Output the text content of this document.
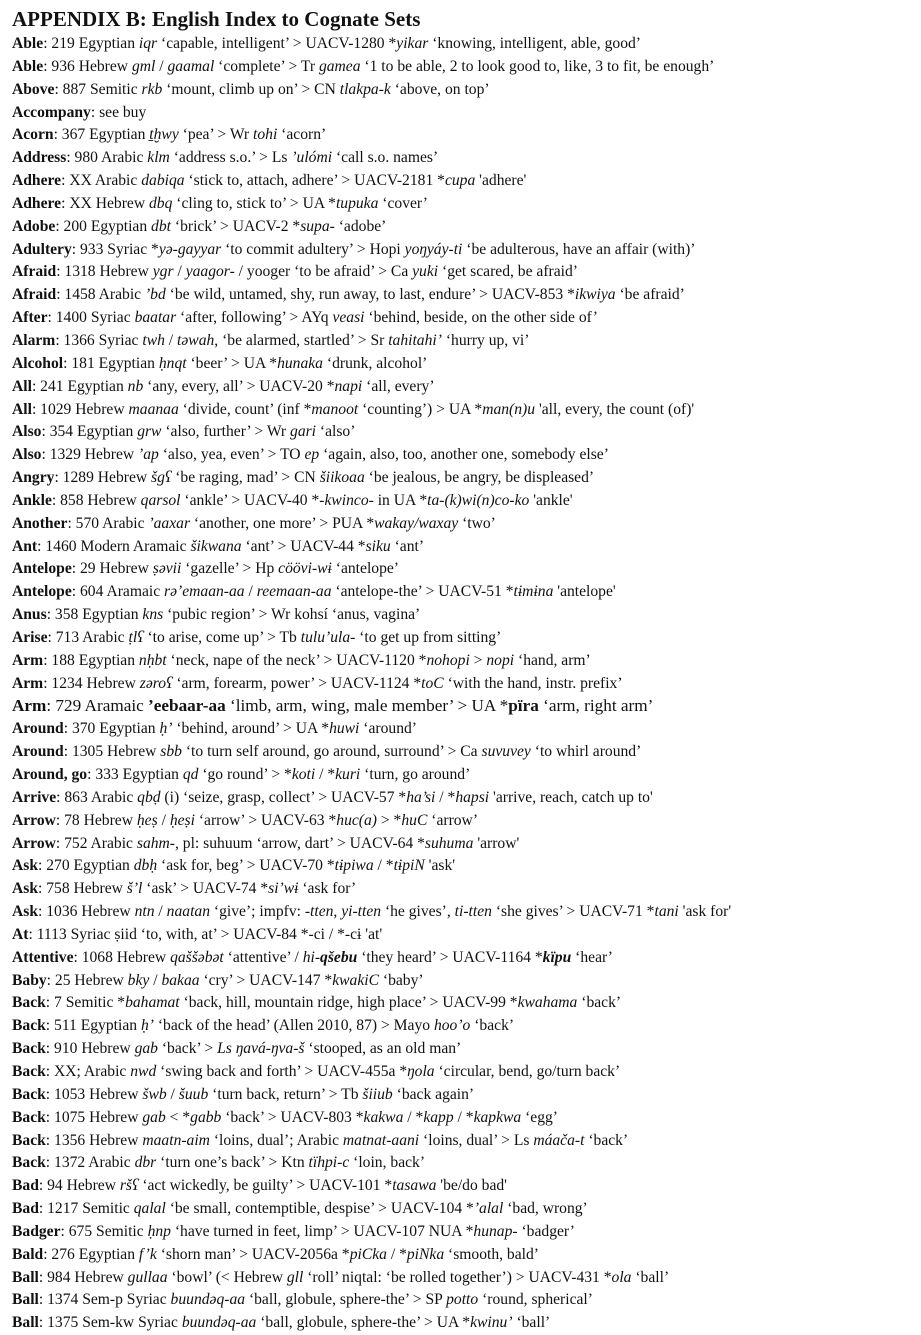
APPENDIX B: English Index to Cognate Sets
Able: 219 Egyptian iqr ‘capable, intelligent’ > UACV-1280 *yikar ‘knowing, intelligent, able, good’
Able: 936 Hebrew gml / gaamal ‘complete’ > Tr gamea ‘1 to be able, 2 to look good to, like, 3 to fit, be enough’
Above: 887 Semitic rkb ‘mount, climb up on’ > CN tlakpa-k ‘above, on top’
Accompany: see buy
Acorn: 367 Egyptian ṯḫwy ‘pea’ > Wr tohi ‘acorn’
Address: 980 Arabic klm ‘address s.o.’ > Ls ’ulómi ‘call s.o. names’
Adhere: XX Arabic dabiqa ‘stick to, attach, adhere’ > UACV-2181 *cupa 'adhere'
Adhere: XX Hebrew dbq ‘cling to, stick to’ > UA *tupuka ‘cover’
Adobe: 200 Egyptian dbt ‘brick’ > UACV-2 *supa- ‘adobe’
Adultery: 933 Syriac *yə-gayyar ‘to commit adultery’ > Hopi yoŋyáy-ti ‘be adulterous, have an affair (with)’
Afraid: 1318 Hebrew ygr / yaagor- / yooger ‘to be afraid’ > Ca yuki ‘get scared, be afraid’
Afraid: 1458 Arabic ’bd ‘be wild, untamed, shy, run away, to last, endure’ > UACV-853 *ikwiya ‘be afraid’
After: 1400 Syriac baatar ‘after, following’ > AYq veasi ‘behind, beside, on the other side of’
Alarm: 1366 Syriac twh / təwah, ‘be alarmed, startled’ > Sr tahitahi’ ‘hurry up, vi’
Alcohol: 181 Egyptian ḥnqt ‘beer’ > UA *hunaka ‘drunk, alcohol’
All: 241 Egyptian nb ‘any, every, all’ > UACV-20 *napi ‘all, every’
All: 1029 Hebrew maanaa ‘divide, count’ (inf *manoot ‘counting’) > UA *man(n)u 'all, every, the count (of)'
Also: 354 Egyptian grw ‘also, further’ > Wr gari ‘also’
Also: 1329 Hebrew ’ap ‘also, yea, even’ > TO ep ‘again, also, too, another one, somebody else’
Angry: 1289 Hebrew šgʕ ‘be raging, mad’ > CN šiikoaa ‘be jealous, be angry, be displeased’
Ankle: 858 Hebrew qarsol ‘ankle’ > UACV-40 *-kwinco- in UA *ta-(k)wi(n)co-ko 'ankle'
Another: 570 Arabic ’aaxar ‘another, one more’ > PUA *wakay/waxay ‘two’
Ant: 1460 Modern Aramaic šikwana ‘ant’ > UACV-44 *siku ‘ant’
Antelope: 29 Hebrew ṣəvii ‘gazelle’ > Hp cöövi-wɨ ‘antelope’
Antelope: 604 Aramaic rə’emaan-aa / reemaan-aa ‘antelope-the’ > UACV-51 *tɨmɨna 'antelope'
Anus: 358 Egyptian kns ‘pubic region’ > Wr kohsí ‘anus, vagina’
Arise: 713 Arabic ṭlʕ ‘to arise, come up’ > Tb tulu’ula- ‘to get up from sitting’
Arm: 188 Egyptian nḥbt ‘neck, nape of the neck’ > UACV-1120 *nohopi > nopi ‘hand, arm’
Arm: 1234 Hebrew zəroʕ ‘arm, forearm, power’ > UACV-1124 *toC ‘with the hand, instr. prefix’
Arm: 729 Aramaic ’eebaar-aa ‘limb, arm, wing, male member’ > UA *pïra ‘arm, right arm’
Around: 370 Egyptian ḥ’ ‘behind, around’ > UA *huwi ‘around’
Around: 1305 Hebrew sbb ‘to turn self around, go around, surround’ > Ca suvuvey ‘to whirl around’
Around, go: 333 Egyptian qd ‘go round’ > *koti / *kuri ‘turn, go around’
Arrive: 863 Arabic qbḍ (i) ‘seize, grasp, collect’ > UACV-57 *ha’si / *hapsi 'arrive, reach, catch up to'
Arrow: 78 Hebrew ḥeṣ / ḥeṣi ‘arrow’ > UACV-63 *huc(a) > *huC ‘arrow’
Arrow: 752 Arabic sahm-, pl: suhuum ‘arrow, dart’ > UACV-64 *suhuma 'arrow'
Ask: 270 Egyptian dbḥ ‘ask for, beg’ > UACV-70 *tɨpiwa / *tɨpiN 'ask'
Ask: 758 Hebrew š’l ‘ask’ > UACV-74 *si’wɨ ‘ask for’
Ask: 1036 Hebrew ntn / naatan ‘give’; impfv: -tten, yi-tten ‘he gives’, ti-tten ‘she gives’ > UACV-71 *tani 'ask for'
At: 1113 Syriac ṣiid ‘to, with, at’ > UACV-84 *-ci / *-cɨ 'at'
Attentive: 1068 Hebrew qaššəbət ‘attentive’ / hi-qšebu ‘they heard’ > UACV-1164 *kïpu ‘hear’
Baby: 25 Hebrew bky / bakaa ‘cry’ > UACV-147 *kwakiC ‘baby’
Back: 7 Semitic *bahamat ‘back, hill, mountain ridge, high place’ > UACV-99 *kwahama ‘back’
Back: 511 Egyptian ḥ’ ‘back of the head’ (Allen 2010, 87) > Mayo hoo’o ‘back’
Back: 910 Hebrew gab ‘back’ > Ls ŋavá-ŋva-š ‘stooped, as an old man’
Back: XX; Arabic nwd ‘swing back and forth’ > UACV-455a *ŋola ‘circular, bend, go/turn back’
Back: 1053 Hebrew šwb / šuub ‘turn back, return’ > Tb šiiub ‘back again’
Back: 1075 Hebrew gab < *gabb ‘back’ > UACV-803 *kakwa / *kapp / *kapkwa ‘egg’
Back: 1356 Hebrew maatn-aim ‘loins, dual’; Arabic matnat-aani ‘loins, dual’ > Ls máača-t ‘back’
Back: 1372 Arabic dbr ‘turn one’s back’ > Ktn tïhpi-c ‘loin, back’
Bad: 94 Hebrew ršʕ ‘act wickedly, be guilty’ > UACV-101 *tasawa 'be/do bad'
Bad: 1217 Semitic qalal ‘be small, contemptible, despise’ > UACV-104 *’alal ‘bad, wrong’
Badger: 675 Semitic ḥnp ‘have turned in feet, limp’ > UACV-107 NUA *hunap- ‘badger’
Bald: 276 Egyptian f’k ‘shorn man’ > UACV-2056a *piCka / *piNka ‘smooth, bald’
Ball: 984 Hebrew gullaa ‘bowl’ (< Hebrew gll ‘roll’ niqtal: ‘be rolled together’) > UACV-431 *ola ‘ball’
Ball: 1374 Sem-p Syriac buundəq-aa ‘ball, globule, sphere-the’ > SP potto ‘round, spherical’
Ball: 1375 Sem-kw Syriac buundəq-aa ‘ball, globule, sphere-the’ > UA *kwinu’ ‘ball’
